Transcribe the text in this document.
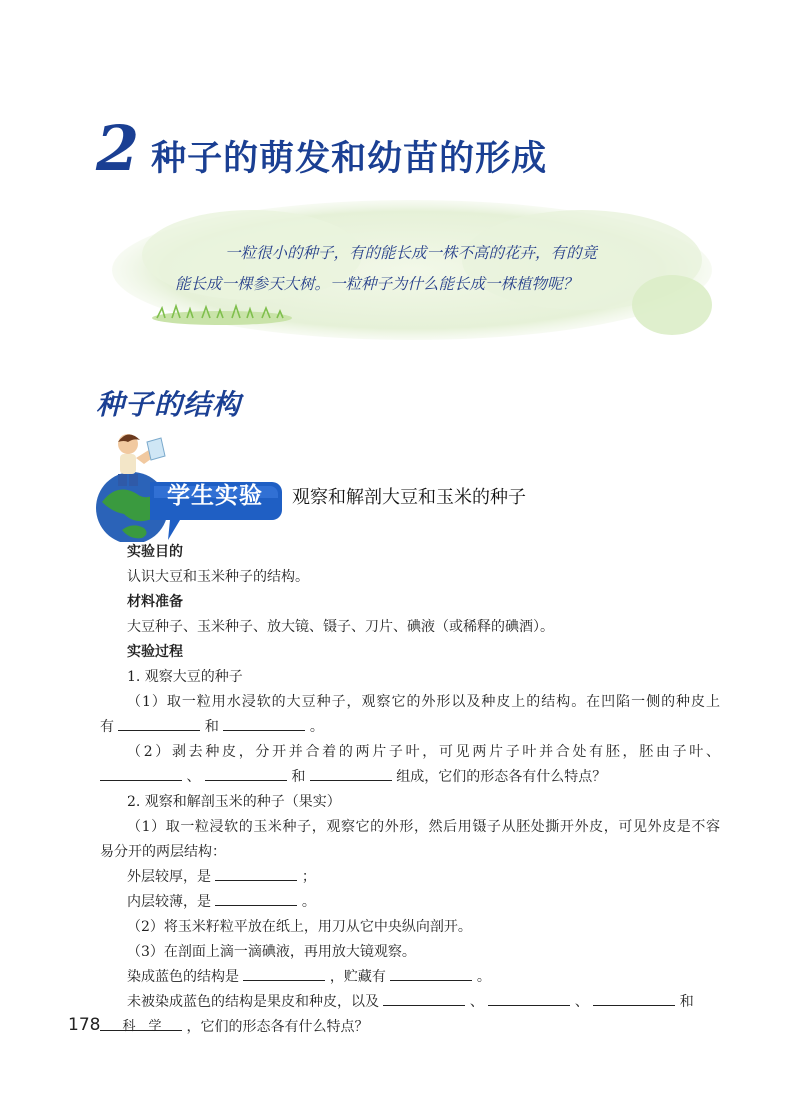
2 种子的萌发和幼苗的形成

一粒很小的种子，有的能长成一株不高的花卉，有的竟

能长成一棵参天大树。一粒种子为什么能长成一株植物呢？

种子的结构
学生实验	观察和解剖大豆和玉米的种子

实验目的

认识大豆和玉米种子的结构。

材料准备

大豆种子、玉米种子、放大镜、镊子、刀片、碘液（或稀释的碘酒）。

实验过程

1. 观察大豆的种子

（1）取一粒用水浸软的大豆种子，观察它的外形以及种皮上的结构。在凹陷一侧的种皮上

有	和	。

（2）剥去种皮，分开并合着的两片子叶，可见两片子叶并合处有胚，胚由子叶、

、	和	组成，它们的形态各有什么特点？

2. 观察和解剖玉米的种子（果实）

（1）取一粒浸软的玉米种子，观察它的外形，然后用镊子从胚处撕开外皮，可见外皮是不容

易分开的两层结构：

外层较厚，是	；

内层较薄，是	。

（2）将玉米籽粒平放在纸上，用刀从它中央纵向剖开。

（3）在剖面上滴一滴碘液，再用放大镜观察。

染成蓝色的结构是	，贮藏有	。

未被染成蓝色的结构是果皮和种皮，以及	、	、	和

，它们的形态各有什么特点？

178 科　学
